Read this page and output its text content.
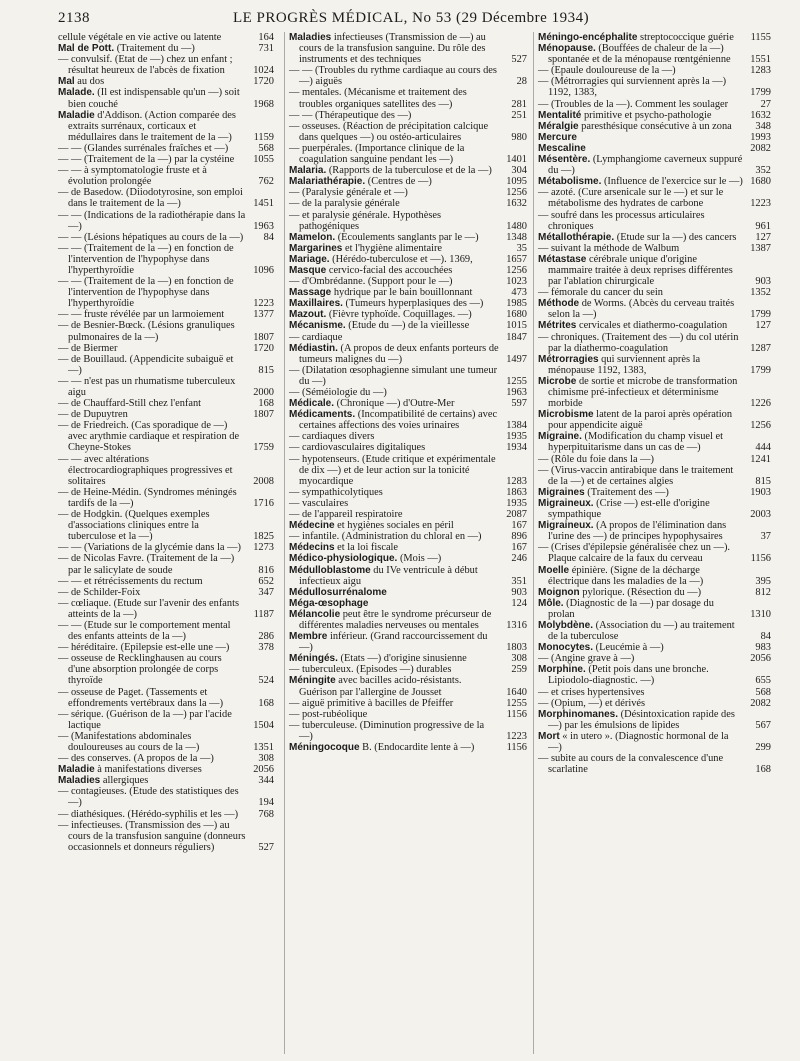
2138	LE PROGRÈS MÉDICAL, No 53 (29 Décembre 1934)

cellule végétale en vie active ou latente	164

Mal de Pott. (Traitement du —)	731

— convulsif. (Etat de —) chez un enfant ; résultat heureux de l'abcès de fixation	1024

Mal au dos	1720

Malade. (Il est indispensable qu'un —) soit bien couché	1968

Maladie d'Addison. (Action comparée des extraits surrénaux, corticaux et médullaires dans le traitement de la —)	1159

— — (Glandes surrénales fraîches et —)	568

— — (Traitement de la —) par la cystéine	1055

— — à symptomatologie fruste et à évolution prolongée	762

— de Basedow. (Diiodotyrosine, son emploi dans le traitement de la —)	1451

— — (Indications de la radiothérapie dans la —)	1963

— — (Lésions hépatiques au cours de la —) 84

— — (Traitement de la —) en fonction de l'intervention de l'hypophyse dans l'hyperthyroïdie	1096

— — (Traitement de la —) en fonction de l'intervention de l'hypophyse dans l'hyperthyroïdie	1223

— — fruste révélée par un larmoiement	1377

— de Besnier-Bœck. (Lésions granuliques pulmonaires de la —)	1807

— de Biermer	1720

— de Bouillaud. (Appendicite subaiguë et —)	815

— — n'est pas un rhumatisme tuberculeux aigu	2000

— de Chauffard-Still chez l'enfant	168

— de Dupuytren	1807

— de Friedreich. (Cas sporadique de —) avec arythmie cardiaque et respiration de Cheyne-Stokes	1759

— — avec altérations électrocardiographiques progressives et solitaires	2008

— de Heine-Médin. (Syndromes méningés tardifs de la —)	1716

— de Hodgkin. (Quelques exemples d'associations cliniques entre la tuberculose et la —)	1825

— — (Variations de la glycémie dans la —)	1273

— de Nicolas Favre. (Traitement de la —) par le salicylate de soude	816

— — et rétrécissements du rectum	652

— de Schilder-Foix	347

— cœliaque. (Etude sur l'avenir des enfants atteints de la —)	1187

— — (Etude sur le comportement mental des enfants atteints de la —)	286

— héréditaire. (Epilepsie est-elle une —)	378

— osseuse de Recklinghausen au cours d'une absorption prolongée de corps thyroïde	524

— osseuse de Paget. (Tassements et effondrements vertébraux dans la —)	168

— sérique. (Guérison de la —) par l'acide lactique	1504

— (Manifestations abdominales douloureuses au cours de la —)	1351

— des conserves. (A propos de la —)	308

Maladie à manifestations diverses	2056

Maladies allergiques	344

— contagieuses. (Etude des statistiques des —)	194

— diathésiques. (Hérédo-syphilis et les —)	768

— infectieuses. (Transmission des —) au cours de la transfusion sanguine (donneurs occasionnels et donneurs réguliers)	527

Maladies infectieuses (Transmission de —) au cours de la transfusion sanguine. Du rôle des instruments et des techniques	527

— — (Troubles du rythme cardiaque au cours des —) aiguës	28

— mentales. (Mécanisme et traitement des troubles organiques satellites des —)	281

— — (Thérapeutique des —)	251

— osseuses. (Réaction de précipitation calcique dans quelques —) ou ostéo-articulaires	980

— puerpérales. (Importance clinique de la coagulation sanguine pendant les —)	1401

Malaria. (Rapports de la tuberculose et de la —)	304

Malariathérapie. (Centres de —)	1095

— (Paralysie générale et —)	1256

— de la paralysie générale	1632

— et paralysie générale. Hypothèses pathogéniques	1480

Mamelon. (Ecoulements sanglants par le —)	1348

Margarines et l'hygiène alimentaire	35

Mariage. (Hérédo-tuberculose et —). 1369,	1657

Masque cervico-facial des accouchées	1256

— d'Ombrédanne. (Support pour le —)	1023

Massage hydrique par le bain bouillonnant	473

Maxillaires. (Tumeurs hyperplasiques des —)	1985

Mazout. (Fièvre typhoïde. Coquillages. —)	1680

Mécanisme. (Etude du —) de la vieillesse	1015

— cardiaque	1847

Médiastin. (A propos de deux enfants porteurs de tumeurs malignes du —)	1497

— (Dilatation œsophagienne simulant une tumeur du —)	1255

— (Séméiologie du —)	1963

Médicale. (Chronique —) d'Outre-Mer	597

Médicaments. (Incompatibilité de certains) avec certaines affections des voies urinaires	1384

— cardiaques divers	1935

— cardiovasculaires digitaliques	1934

— hypotenseurs. (Etude critique et expérimentale de dix —) et de leur action sur la tonicité myocardique	1283

— sympathicolytiques	1863

— vasculaires	1935

— de l'appareil respiratoire	2087

Médecine et hygiènes sociales en péril	167

— infantile. (Administration du chloral en —)	896

Médecins et la loi fiscale	167

Médico-physiologique. (Mois —)	246

Médulloblastome du IVe ventricule à début infectieux aigu	351

Médullosurrénalome	903

Méga-œsophage	124

Mélancolie peut être le syndrome précurseur de différentes maladies nerveuses ou mentales	1316

Membre inférieur. (Grand raccourcissement du —)	1803

Méningés. (Etats —) d'origine sinusienne	308

— tuberculeux. (Episodes —) durables	259

Méningite avec bacilles acido-résistants. Guérison par l'allergine de Jousset	1640

— aiguë primitive à bacilles de Pfeiffer	1255

— post-rubéolique	1156

— tuberculeuse. (Diminution progressive de la —)	1223

Méningocoque B. (Endocardite lente à —)	1156

Méningo-encéphalite streptococcique guérie	1155

Ménopause. (Bouffées de chaleur de la —) spontanée et de la ménopause rœntgénienne	1551

— (Epaule douloureuse de la —)	1283

— (Métrorragies qui surviennent après la —) 1192, 1383,	1799

— (Troubles de la —). Comment les soulager	27

Mentalité primitive et psycho-pathologie	1632

Méralgie paresthésique consécutive à un zona	348

Mercure	1993

Mescaline	2082

Mésentère. (Lymphangiome caverneux suppuré du —)	352

Métabolisme. (Influence de l'exercice sur le —) 1680

— azoté. (Cure arsenicale sur le —) et sur le métabolisme des hydrates de carbone	1223

— soufré dans les processus articulaires chroniques	961

Métallothérapie. (Etude sur la —) des cancers	127

— suivant la méthode de Walbum	1387

Métastase cérébrale unique d'origine mammaire traitée à deux reprises différentes par l'ablation chirurgicale	903

— fémorale du cancer du sein	1352

Méthode de Worms. (Abcès du cerveau traités selon la —)	1799

Métrites cervicales et diathermo-coagulation	127

— chroniques. (Traitement des —) du col utérin par la diathermo-coagulation	1287

Métrorragies qui surviennent après la ménopause 1192, 1383,	1799

Microbe de sortie et microbe de transformation chimisme pré-infectieux et déterminisme morbide	1226

Microbisme latent de la paroi après opération pour appendicite aiguë	1256

Migraine. (Modification du champ visuel et hyperpituitarisme dans un cas de —)	444

— (Rôle du foie dans la —)	1241

— (Virus-vaccin antirabique dans le traitement de la —) et de certaines algies	815

Migraines (Traitement des —)	1903

Migraineux. (Crise —) est-elle d'origine sympathique	2003

Migraineux. (A propos de l'élimination dans l'urine des —) de principes hypophysaires	37

— (Crises d'épilepsie généralisée chez un —). Plaque calcaire de la faux du cerveau	1156

Moelle épinière. (Signe de la décharge électrique dans les maladies de la —)	395

Moignon pylorique. (Résection du —)	812

Môle. (Diagnostic de la —) par dosage du prolan	1310

Molybdène. (Association du —) au traitement de la tuberculose	84

Monocytes. (Leucémie à —)	983

— (Angine grave à —)	2056

Morphine. (Petit pois dans une bronche. Lipiodolo-diagnostic. —)	655

— et crises hypertensives	568

— (Opium, —) et dérivés	2082

Morphinomanes. (Désintoxication rapide des —) par les émulsions de lipides	567

Mort « in utero ». (Diagnostic hormonal de la —)	299

— subite au cours de la convalescence d'une scarlatine	168
